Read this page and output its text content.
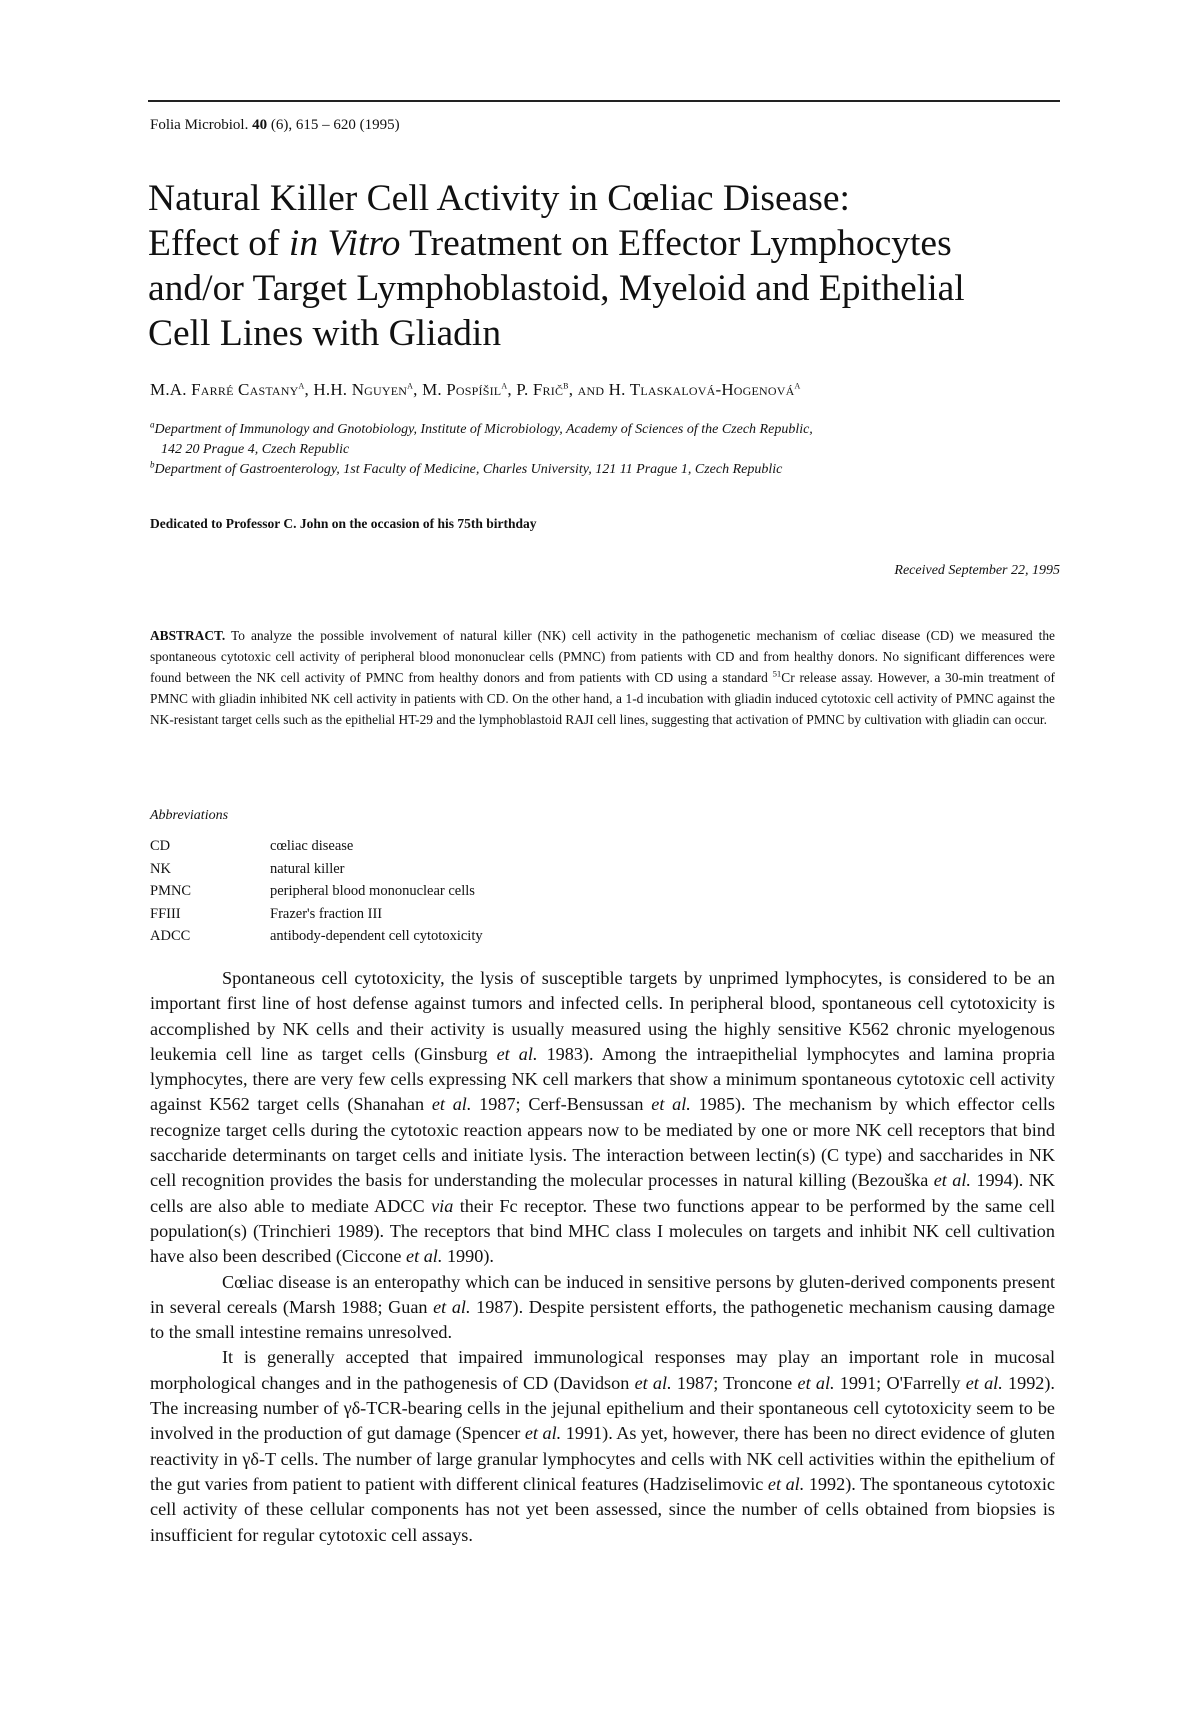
Folia Microbiol. 40 (6), 615 – 620 (1995)
Natural Killer Cell Activity in Cœliac Disease:
Effect of in Vitro Treatment on Effector Lymphocytes
and/or Target Lymphoblastoid, Myeloid and Epithelial
Cell Lines with Gliadin
M.A. Farré Castany$^a$, H.H. Nguyen$^a$, M. Pospíšil$^a$, P. Frič$^b$, and H. Tlaskalová-Hogenová$^a$
$^a$Department of Immunology and Gnotobiology, Institute of Microbiology, Academy of Sciences of the Czech Republic,
142 20 Prague 4, Czech Republic
$^b$Department of Gastroenterology, 1st Faculty of Medicine, Charles University, 121 11 Prague 1, Czech Republic
Dedicated to Professor C. John on the occasion of his 75th birthday
Received September 22, 1995
ABSTRACT. To analyze the possible involvement of natural killer (NK) cell activity in the pathogenetic mechanism of cœliac disease (CD) we measured the spontaneous cytotoxic cell activity of peripheral blood mononuclear cells (PMNC) from patients with CD and from healthy donors. No significant differences were found between the NK cell activity of PMNC from healthy donors and from patients with CD using a standard $^{51}$Cr release assay. However, a 30-min treatment of PMNC with gliadin inhibited NK cell activity in patients with CD. On the other hand, a 1-d incubation with gliadin induced cytotoxic cell activity of PMNC against the NK-resistant target cells such as the epithelial HT-29 and the lymphoblastoid RAJI cell lines, suggesting that activation of PMNC by cultivation with gliadin can occur.
Abbreviations
CD	cœliac disease
NK	natural killer
PMNC	peripheral blood mononuclear cells
FFIII	Frazer's fraction III
ADCC	antibody-dependent cell cytotoxicity

Spontaneous cell cytotoxicity, the lysis of susceptible targets by unprimed lymphocytes, is considered to be an important first line of host defense against tumors and infected cells. In peripheral blood, spontaneous cell cytotoxicity is accomplished by NK cells and their activity is usually measured using the highly sensitive K562 chronic myelogenous leukemia cell line as target cells (Ginsburg et al. 1983). Among the intraepithelial lymphocytes and lamina propria lymphocytes, there are very few cells expressing NK cell markers that show a minimum spontaneous cytotoxic cell activity against K562 target cells (Shanahan et al. 1987; Cerf-Bensussan et al. 1985). The mechanism by which effector cells recognize target cells during the cytotoxic reaction appears now to be mediated by one or more NK cell receptors that bind saccharide determinants on target cells and initiate lysis. The interaction between lectin(s) (C type) and saccharides in NK cell recognition provides the basis for understanding the molecular processes in natural killing (Bezouška et al. 1994). NK cells are also able to mediate ADCC via their Fc receptor. These two functions appear to be performed by the same cell population(s) (Trinchieri 1989). The receptors that bind MHC class I molecules on targets and inhibit NK cell cultivation have also been described (Ciccone et al. 1990).

Cœliac disease is an enteropathy which can be induced in sensitive persons by gluten-derived components present in several cereals (Marsh 1988; Guan et al. 1987). Despite persistent efforts, the pathogenetic mechanism causing damage to the small intestine remains unresolved.

It is generally accepted that impaired immunological responses may play an important role in mucosal morphological changes and in the pathogenesis of CD (Davidson et al. 1987; Troncone et al. 1991; O'Farrelly et al. 1992). The increasing number of γδ-TCR-bearing cells in the jejunal epithelium and their spontaneous cell cytotoxicity seem to be involved in the production of gut damage (Spencer et al. 1991). As yet, however, there has been no direct evidence of gluten reactivity in γδ-T cells. The number of large granular lymphocytes and cells with NK cell activities within the epithelium of the gut varies from patient to patient with different clinical features (Hadziselimovic et al. 1992). The spontaneous cytotoxic cell activity of these cellular components has not yet been assessed, since the number of cells obtained from biopsies is insufficient for regular cytotoxic cell assays.
